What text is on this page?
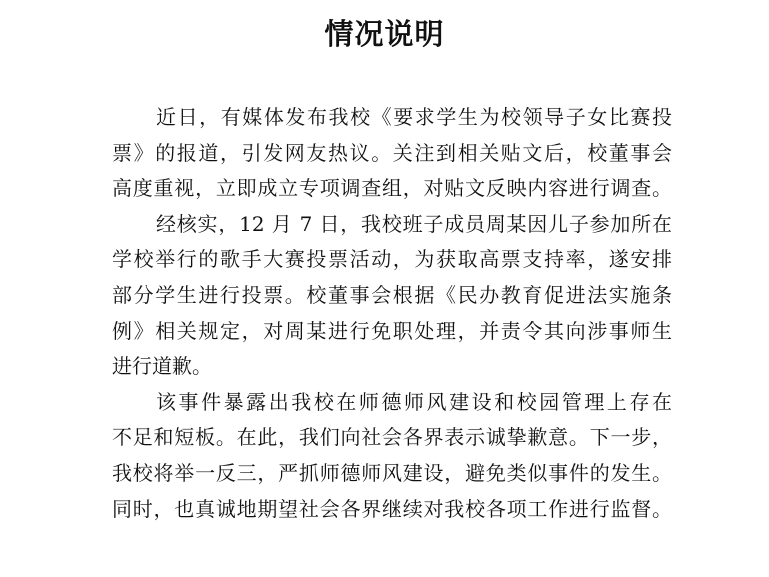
情况说明
近日，有媒体发布我校《要求学生为校领导子女比赛投
票》的报道，引发网友热议。关注到相关贴文后，校董事会
高度重视，立即成立专项调查组，对贴文反映内容进行调查。
经核实，12 月 7 日，我校班子成员周某因儿子参加所在
学校举行的歌手大赛投票活动，为获取高票支持率，遂安排
部分学生进行投票。校董事会根据《民办教育促进法实施条
例》相关规定，对周某进行免职处理，并责令其向涉事师生
进行道歉。
该事件暴露出我校在师德师风建设和校园管理上存在
不足和短板。在此，我们向社会各界表示诚挚歉意。下一步，
我校将举一反三，严抓师德师风建设，避免类似事件的发生。
同时，也真诚地期望社会各界继续对我校各项工作进行监督。
